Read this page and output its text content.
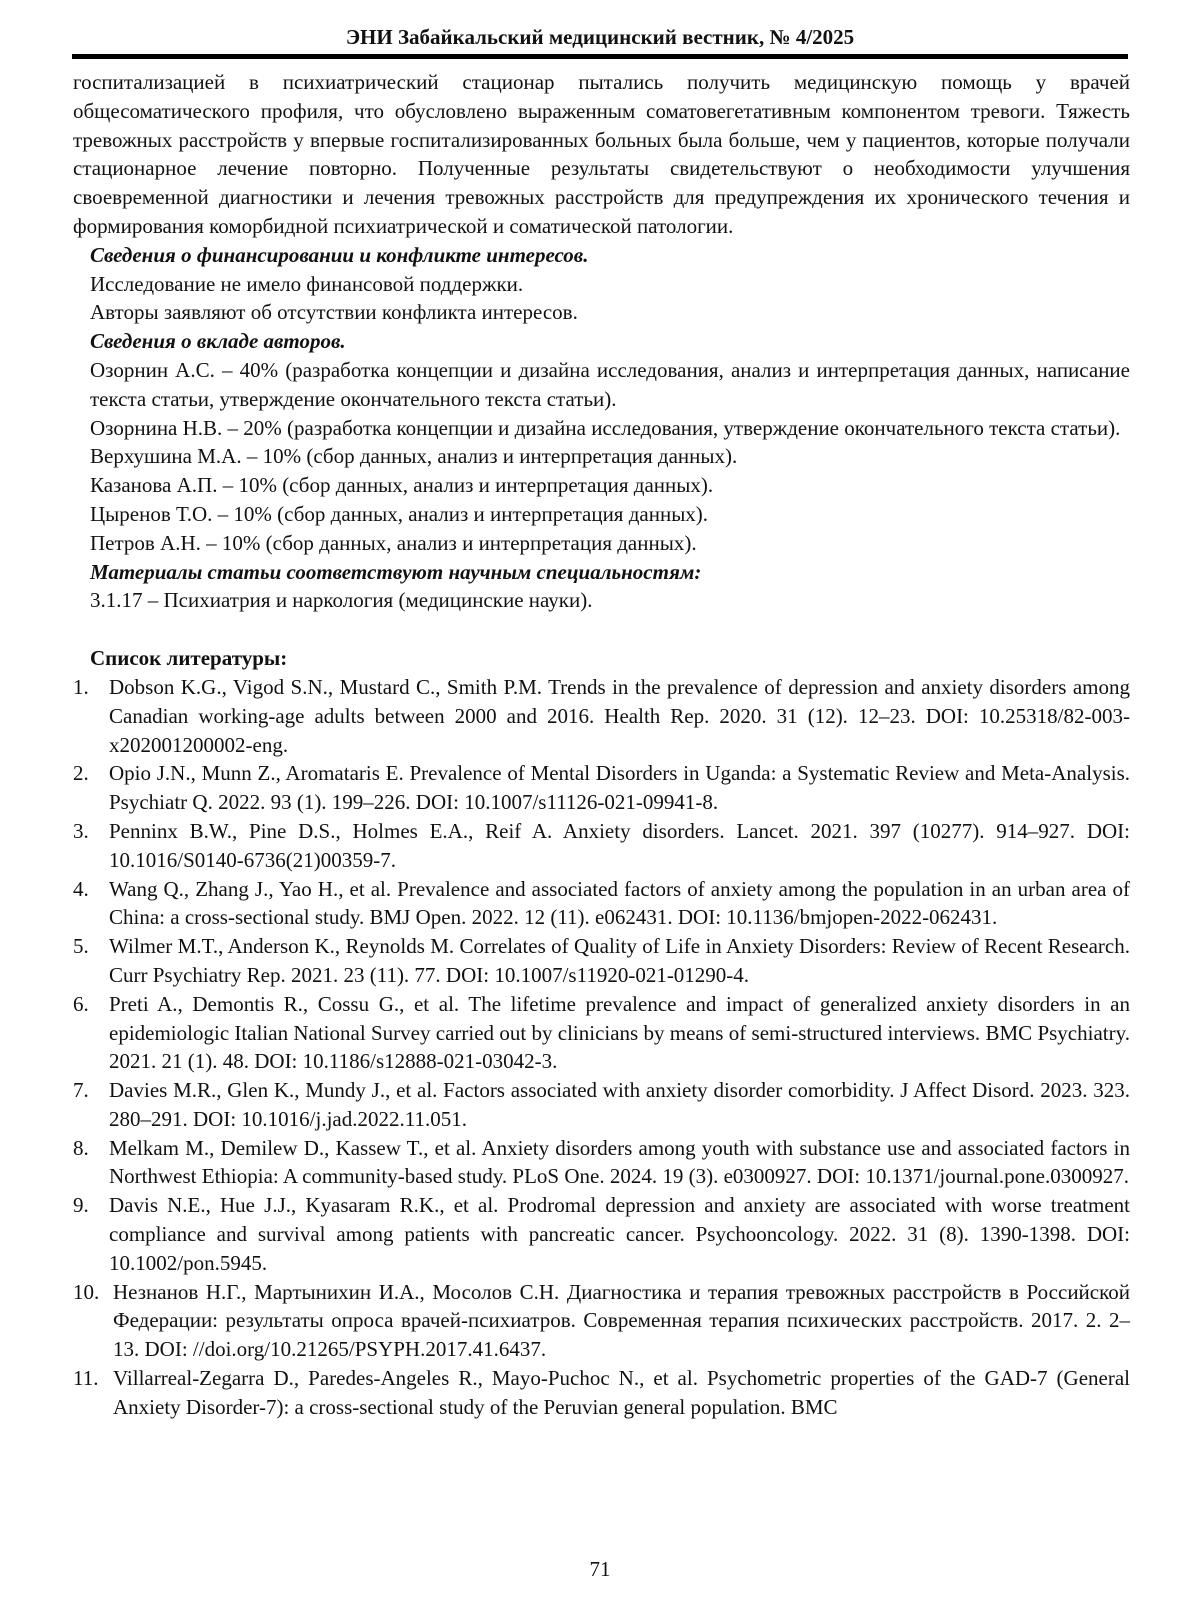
ЭНИ Забайкальский медицинский вестник, № 4/2025

госпитализацией в психиатрический стационар пытались получить медицинскую помощь у врачей общесоматического профиля, что обусловлено выраженным соматовегетативным компонентом тревоги. Тяжесть тревожных расстройств у впервые госпитализированных больных была больше, чем у пациентов, которые получали стационарное лечение повторно. Полученные результаты свидетельствуют о необходимости улучшения своевременной диагностики и лечения тревожных расстройств для предупреждения их хронического течения и формирования коморбидной психиатрической и соматической патологии.

Сведения о финансировании и конфликте интересов.

Исследование не имело финансовой поддержки.

Авторы заявляют об отсутствии конфликта интересов.

Сведения о вкладе авторов.

Озорнин А.С. – 40% (разработка концепции и дизайна исследования, анализ и интерпретация данных, написание текста статьи, утверждение окончательного текста статьи).

Озорнина Н.В. – 20% (разработка концепции и дизайна исследования, утверждение окончательного текста статьи).

Верхушина М.А. – 10% (сбор данных, анализ и интерпретация данных).

Казанова А.П. – 10% (сбор данных, анализ и интерпретация данных).

Цыренов Т.О. – 10% (сбор данных, анализ и интерпретация данных).

Петров А.Н. – 10% (сбор данных, анализ и интерпретация данных).

Материалы статьи соответствуют научным специальностям:

3.1.17 – Психиатрия и наркология (медицинские науки).

Список литературы:

1. Dobson K.G., Vigod S.N., Mustard C., Smith P.M. Trends in the prevalence of depression and anxiety disorders among Canadian working-age adults between 2000 and 2016. Health Rep. 2020. 31 (12). 12–23. DOI: 10.25318/82-003-x202001200002-eng.
2. Opio J.N., Munn Z., Aromataris E. Prevalence of Mental Disorders in Uganda: a Systematic Review and Meta-Analysis. Psychiatr Q. 2022. 93 (1). 199–226. DOI: 10.1007/s11126-021-09941-8.
3. Penninx B.W., Pine D.S., Holmes E.A., Reif A. Anxiety disorders. Lancet. 2021. 397 (10277). 914–927. DOI: 10.1016/S0140-6736(21)00359-7.
4. Wang Q., Zhang J., Yao H., et al. Prevalence and associated factors of anxiety among the population in an urban area of China: a cross-sectional study. BMJ Open. 2022. 12 (11). e062431. DOI: 10.1136/bmjopen-2022-062431.
5. Wilmer M.T., Anderson K., Reynolds M. Correlates of Quality of Life in Anxiety Disorders: Review of Recent Research. Curr Psychiatry Rep. 2021. 23 (11). 77. DOI: 10.1007/s11920-021-01290-4.
6. Preti A., Demontis R., Cossu G., et al. The lifetime prevalence and impact of generalized anxiety disorders in an epidemiologic Italian National Survey carried out by clinicians by means of semi-structured interviews. BMC Psychiatry. 2021. 21 (1). 48. DOI: 10.1186/s12888-021-03042-3.
7. Davies M.R., Glen K., Mundy J., et al. Factors associated with anxiety disorder comorbidity. J Affect Disord. 2023. 323. 280–291. DOI: 10.1016/j.jad.2022.11.051.
8. Melkam M., Demilew D., Kassew T., et al. Anxiety disorders among youth with substance use and associated factors in Northwest Ethiopia: A community-based study. PLoS One. 2024. 19 (3). e0300927. DOI: 10.1371/journal.pone.0300927.
9. Davis N.E., Hue J.J., Kyasaram R.K., et al. Prodromal depression and anxiety are associated with worse treatment compliance and survival among patients with pancreatic cancer. Psychooncology. 2022. 31 (8). 1390-1398. DOI: 10.1002/pon.5945.
10. Незнанов Н.Г., Мартынихин И.А., Мосолов С.Н. Диагностика и терапия тревожных расстройств в Российской Федерации: результаты опроса врачей-психиатров. Современная терапия психических расстройств. 2017. 2. 2–13. DOI: //doi.org/10.21265/PSYPH.2017.41.6437.
11. Villarreal-Zegarra D., Paredes-Angeles R., Mayo-Puchoc N., et al. Psychometric properties of the GAD-7 (General Anxiety Disorder-7): a cross-sectional study of the Peruvian general population. BMC
71
